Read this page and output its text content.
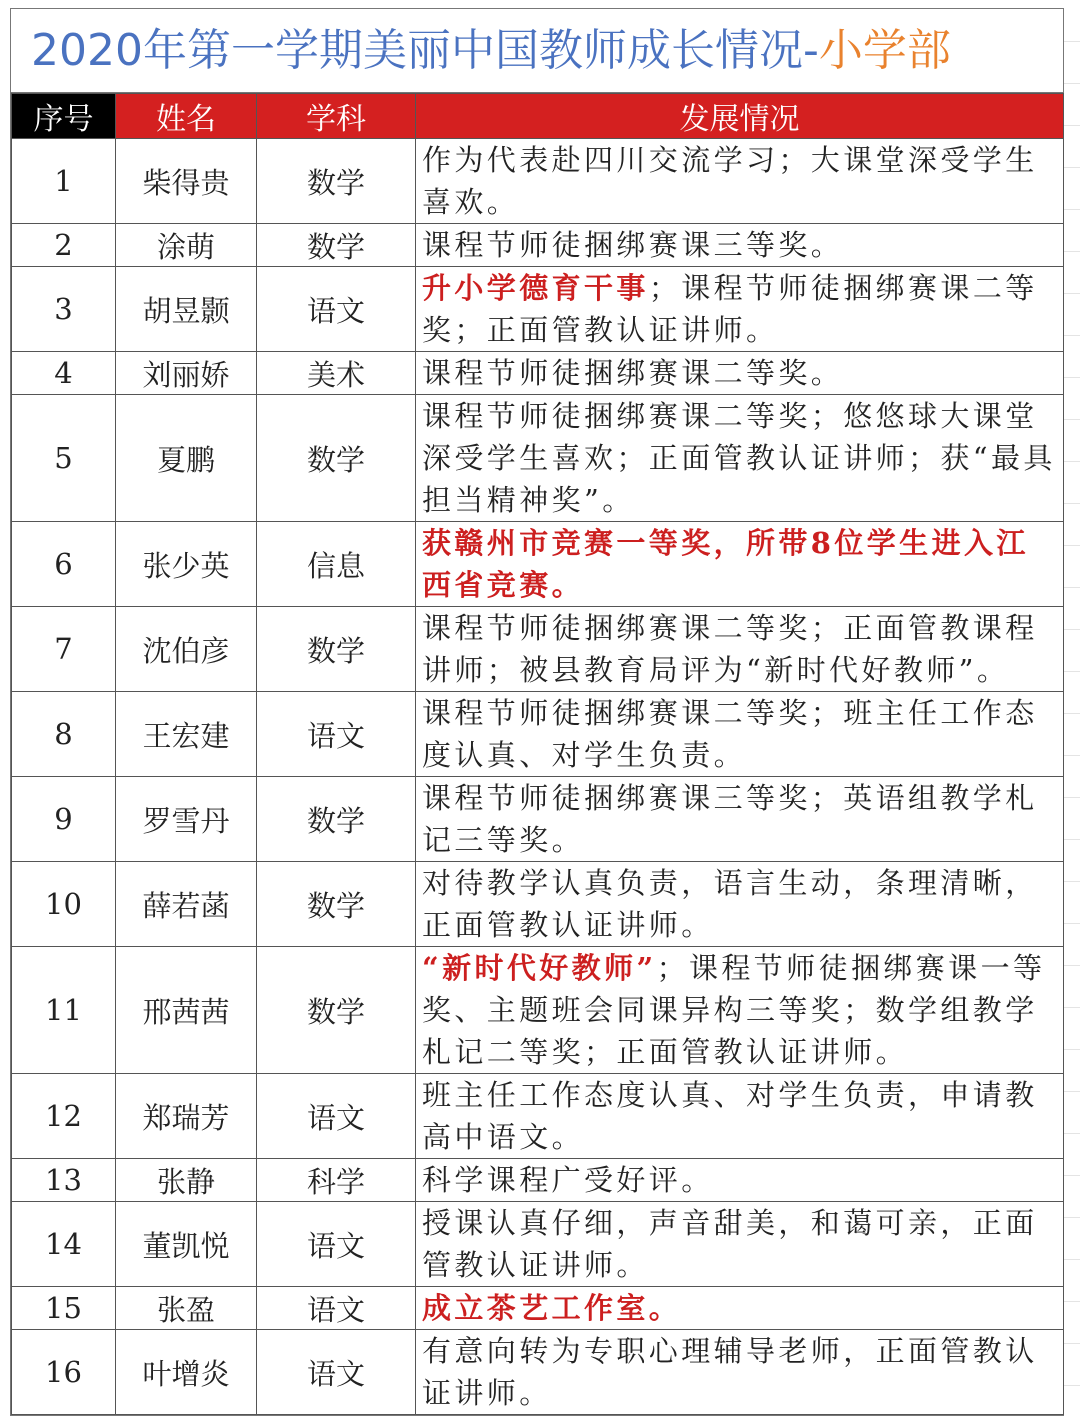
2020年第一学期美丽中国教师成长情况-小学部
序号	姓名	学科	发展情况
1	柴得贵	数学	作为代表赴四川交流学习；大课堂深受学生喜欢。
2	涂萌	数学	课程节师徒捆绑赛课三等奖。
3	胡昱颢	语文	升小学德育干事；课程节师徒捆绑赛课二等奖；正面管教认证讲师。
4	刘丽娇	美术	课程节师徒捆绑赛课二等奖。
5	夏鹏	数学	课程节师徒捆绑赛课二等奖；悠悠球大课堂深受学生喜欢；正面管教认证讲师；获“最具担当精神奖”。
6	张少英	信息	获赣州市竞赛一等奖，所带8位学生进入江西省竞赛。
7	沈伯彦	数学	课程节师徒捆绑赛课二等奖；正面管教课程讲师；被县教育局评为“新时代好教师”。
8	王宏建	语文	课程节师徒捆绑赛课二等奖；班主任工作态度认真、对学生负责。
9	罗雪丹	数学	课程节师徒捆绑赛课三等奖；英语组教学札记三等奖。
10	薛若菡	数学	对待教学认真负责，语言生动，条理清晰，正面管教认证讲师。
11	邢茜茜	数学	“新时代好教师”；课程节师徒捆绑赛课一等奖、主题班会同课异构三等奖；数学组教学札记二等奖；正面管教认证讲师。
12	郑瑞芳	语文	班主任工作态度认真、对学生负责，申请教高中语文。
13	张静	科学	科学课程广受好评。
14	董凯悦	语文	授课认真仔细，声音甜美，和蔼可亲，正面管教认证讲师。
15	张盈	语文	成立茶艺工作室。
16	叶增炎	语文	有意向转为专职心理辅导老师，正面管教认证讲师。
